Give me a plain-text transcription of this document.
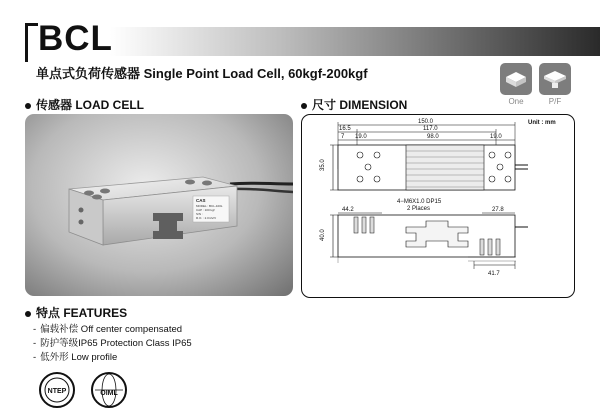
BCL
单点式负荷传感器 Single Point Load Cell, 60kgf-200kgf
One	P/F
传感器 LOAD CELL	尺寸 DIMENSION
CAS
MODEL : BCL-100L
CAP : 100 kgf
S/N :
R.O. : 2.0mV/V
Unit : mm
150.0
117.0
16.5
7 19.0	98.0	19.0
35.0
4−M6X1.0 DP15
2 Places
44.2	27.8
40.0
41.7
特点 FEATURES
- 偏载补偿 Off center compensated
- 防护等级IP65 Protection Class IP65
- 低外形 Low profile
NTEP	OIML
